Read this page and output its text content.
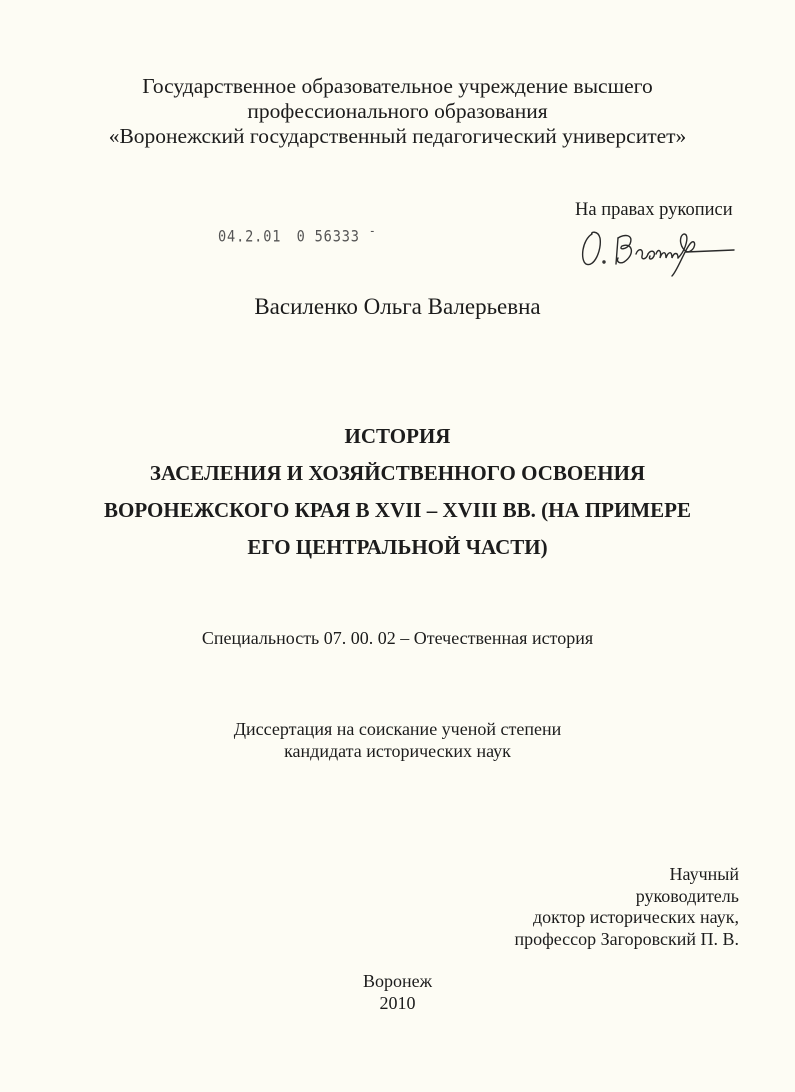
Государственное образовательное учреждение высшего
профессионального образования
«Воронежский государственный педагогический университет»
04.2.01 0 56333 -
На правах рукописи
Василенко Ольга Валерьевна
ИСТОРИЯ
ЗАСЕЛЕНИЯ И ХОЗЯЙСТВЕННОГО ОСВОЕНИЯ
ВОРОНЕЖСКОГО КРАЯ В XVII – XVIII ВВ. (НА ПРИМЕРЕ
ЕГО ЦЕНТРАЛЬНОЙ ЧАСТИ)
Специальность 07. 00. 02 – Отечественная история
Диссертация на соискание ученой степени
кандидата исторических наук
Научный
руководитель
доктор исторических наук,
профессор Загоровский П. В.
Воронеж
2010
